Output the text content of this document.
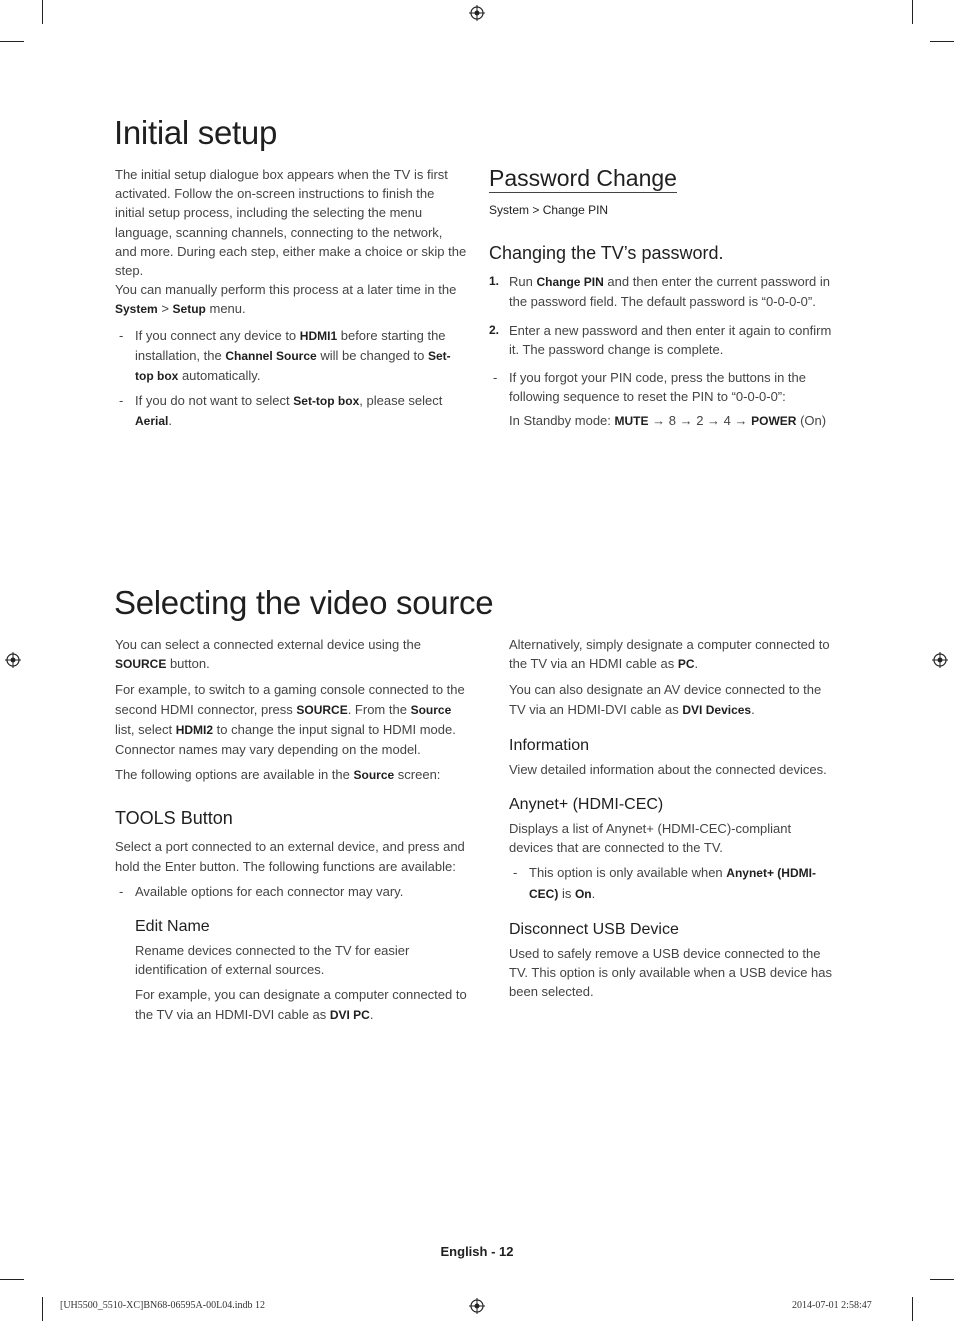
Initial setup

The initial setup dialogue box appears when the TV is first activated. Follow the on-screen instructions to finish the initial setup process, including the selecting the menu language, scanning channels, connecting to the network, and more. During each step, either make a choice or skip the step.

You can manually perform this process at a later time in the System > Setup menu.

- If you connect any device to HDMI1 before starting the installation, the Channel Source will be changed to Set-top box automatically.
- If you do not want to select Set-top box, please select Aerial.
Password Change
System > Change PIN
Changing the TV’s password.
1. Run Change PIN and then enter the current password in the password field. The default password is “0-0-0-0”.
2. Enter a new password and then enter it again to confirm it. The password change is complete.
- If you forgot your PIN code, press the buttons in the following sequence to reset the PIN to “0-0-0-0”:
In Standby mode: MUTE → 8 → 2 → 4 → POWER (On)
Selecting the video source

You can select a connected external device using the SOURCE button.

For example, to switch to a gaming console connected to the second HDMI connector, press SOURCE. From the Source list, select HDMI2 to change the input signal to HDMI mode. Connector names may vary depending on the model.

The following options are available in the Source screen:

TOOLS Button

Select a port connected to an external device, and press and hold the Enter button. The following functions are available:

- Available options for each connector may vary.
Edit Name

Rename devices connected to the TV for easier identification of external sources.

For example, you can designate a computer connected to the TV via an HDMI-DVI cable as DVI PC.

Alternatively, simply designate a computer connected to the TV via an HDMI cable as PC.

You can also designate an AV device connected to the TV via an HDMI-DVI cable as DVI Devices.

Information

View detailed information about the connected devices.

Anynet+ (HDMI-CEC)

Displays a list of Anynet+ (HDMI-CEC)-compliant devices that are connected to the TV.

- This option is only available when Anynet+ (HDMI-CEC) is On.
Disconnect USB Device

Used to safely remove a USB device connected to the TV. This option is only available when a USB device has been selected.

English - 12
[UH5500_5510-XC]BN68-06595A-00L04.indb 12	2014-07-01 2:58:47
